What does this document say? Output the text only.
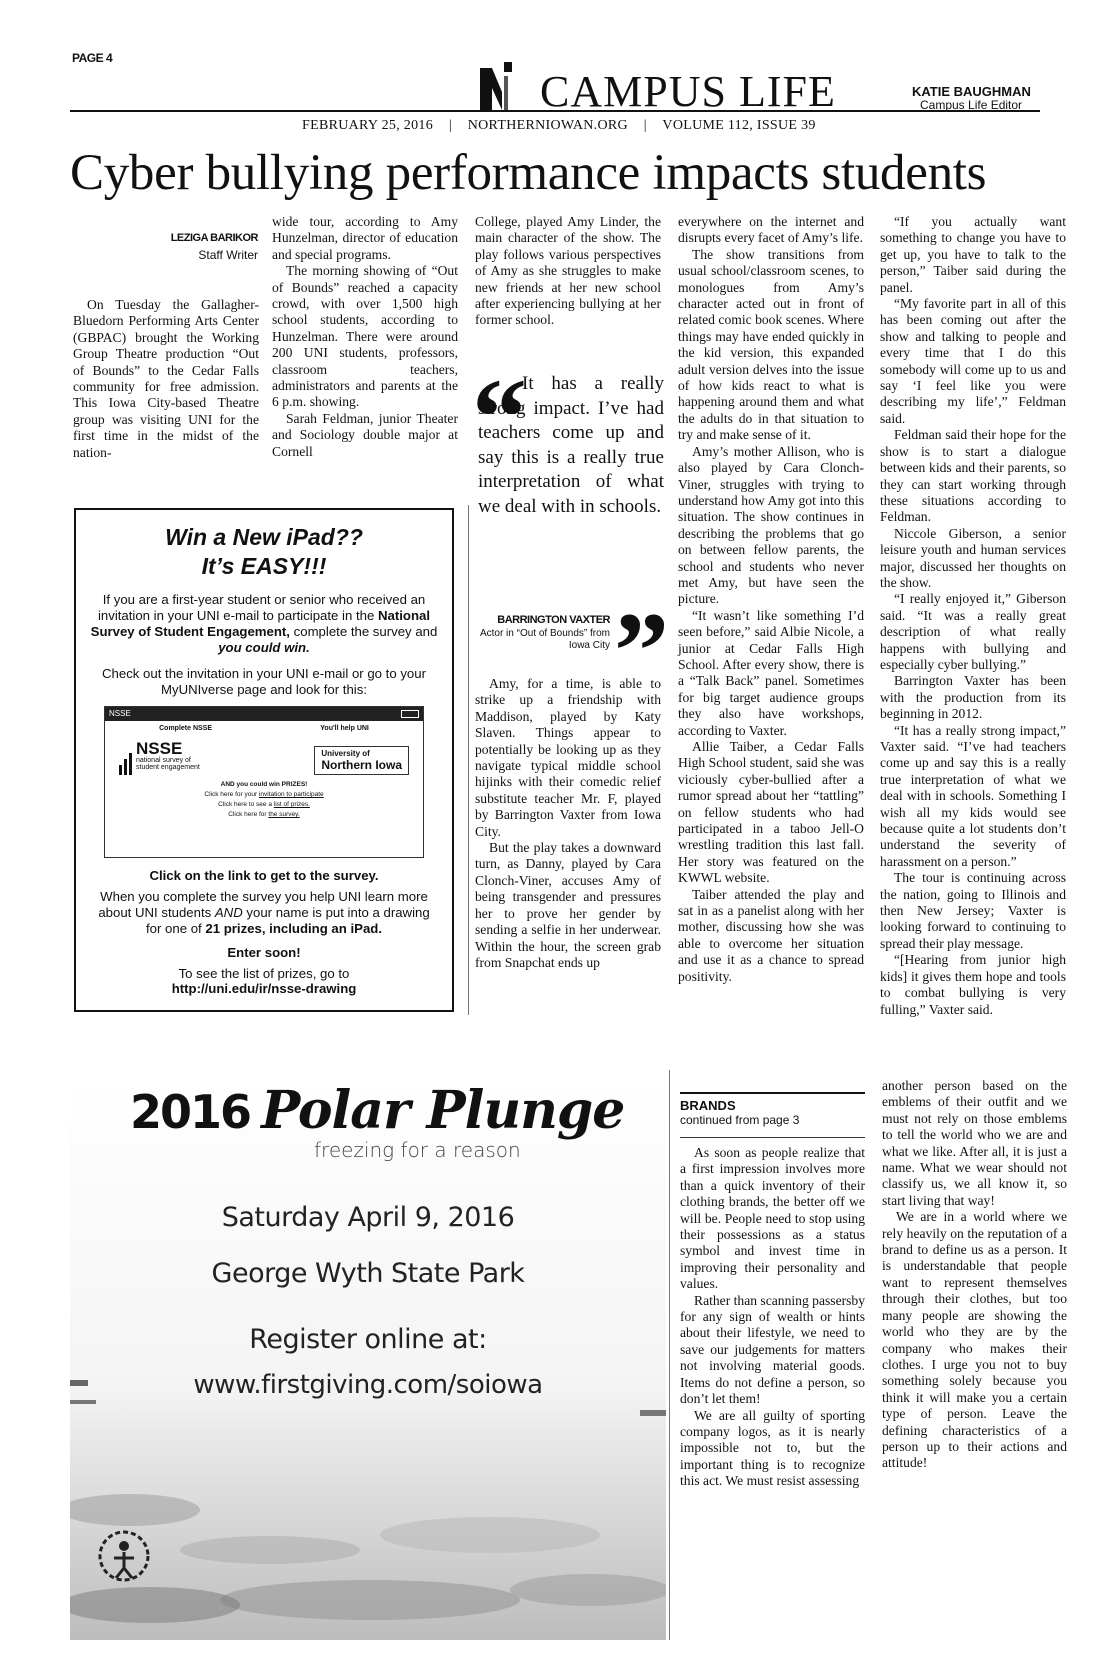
PAGE 4
CAMPUS LIFE	KATIE BAUGHMAN
Campus Life Editor
FEBRUARY 25, 2016 | NORTHERNIOWAN.ORG | VOLUME 112, ISSUE 39
Cyber bullying performance impacts students
LEZIGA BARIKOR
Staff Writer

On Tuesday the Gallagher-Bluedorn Performing Arts Center (GBPAC) brought the Working Group Theatre production “Out of Bounds” to the Cedar Falls community for free admission. This Iowa City-based Theatre group was visiting UNI for the first time in the midst of the nation-

wide tour, according to Amy Hunzelman, director of education and special programs.

The morning showing of “Out of Bounds” reached a capacity crowd, with over 1,500 high school students, according to Hunzelman. There were around 200 UNI students, professors, classroom teachers, administrators and parents at the 6 p.m. showing.

Sarah Feldman, junior Theater and Sociology double major at Cornell

College, played Amy Linder, the main character of the show. The play follows various perspectives of Amy as she struggles to make new friends at her new school after experiencing bullying at her former school.

“
It has a really strong impact. I’ve had teachers come up and say this is a really true interpretation of what we deal with in schools.
BARRINGTON VAXTER
Actor in “Out of Bounds” from Iowa City ”

Amy, for a time, is able to strike up a friendship with Maddison, played by Katy Slaven. Things appear to potentially be looking up as they navigate typical middle school hijinks with their comedic relief substitute teacher Mr. F, played by Barrington Vaxter from Iowa City.

But the play takes a downward turn, as Danny, played by Cara Clonch-Viner, accuses Amy of being transgender and pressures her to prove her gender by sending a selfie in her underwear. Within the hour, the screen grab from Snapchat ends up

everywhere on the internet and disrupts every facet of Amy’s life.

The show transitions from usual school/classroom scenes, to monologues from Amy’s character acted out in front of related comic book scenes. Where things may have ended quickly in the kid version, this expanded adult version delves into the issue of how kids react to what is happening around them and what the adults do in that situation to try and make sense of it.

Amy’s mother Allison, who is also played by Cara Clonch-Viner, struggles with trying to understand how Amy got into this situation. The show continues in describing the problems that go on between fellow parents, the school and students who never met Amy, but have seen the picture.

“It wasn’t like something I’d seen before,” said Albie Nicole, a junior at Cedar Falls High School. After every show, there is a “Talk Back” panel. Sometimes for big target audience groups they also have workshops, according to Vaxter.

Allie Taiber, a Cedar Falls High School student, said she was viciously cyber-bullied after a rumor spread about her “tattling” on fellow students who had participated in a taboo Jell-O wrestling tradition this last fall. Her story was featured on the KWWL website.

Taiber attended the play and sat in as a panelist along with her mother, discussing how she was able to overcome her situation and use it as a chance to spread positivity.

“If you actually want something to change you have to get up, you have to talk to the person,” Taiber said during the panel.

“My favorite part in all of this has been coming out after the show and talking to people and every time that I do this somebody will come up to us and say ‘I feel like you were describing my life’,” Feldman said.

Feldman said their hope for the show is to start a dialogue between kids and their parents, so they can start working through these situations according to Feldman.

Niccole Giberson, a senior leisure youth and human services major, discussed her thoughts on the show.

“I really enjoyed it,” Giberson said. “It was a really great description of what really happens with bullying and especially cyber bullying.”

Barrington Vaxter has been with the production from its beginning in 2012.

“It has a really strong impact,” Vaxter said. “I’ve had teachers come up and say this is a really true interpretation of what we deal with in schools. Something I wish all my kids would see because quite a lot students don’t understand the severity of harassment on a person.”

The tour is continuing across the nation, going to Illinois and then New Jersey; Vaxter is looking forward to continuing to spread their play message.

“[Hearing from junior high kids] it gives them hope and tools to combat bullying is very fulling,” Vaxter said.

Win a New iPad??
It’s EASY!!!
If you are a first-year student or senior who received an invitation in your UNI e-mail to participate in the National Survey of Student Engagement, complete the survey and you could win.
Check out the invitation in your UNI e-mail or go to your MyUNIverse page and look for this:
NSSE
Complete NSSE	You'll help UNI
NSSE
national survey of
student engagement
University of
Northern Iowa
AND you could win PRIZES!
Click here for your invitation to participate
Click here to see a list of prizes.
Click here for the survey.
Click on the link to get to the survey.
When you complete the survey you help UNI learn more about UNI students AND your name is put into a drawing for one of 21 prizes, including an iPad.
Enter soon!
To see the list of prizes, go to
http://uni.edu/ir/nsse-drawing
2016 Polar Plunge
freezing for a reason
Saturday April 9, 2016
George Wyth State Park
Register online at:
www.firstgiving.com/soiowa
BRANDS
continued from page 3

As soon as people realize that a first impression involves more than a quick inventory of their clothing brands, the better off we will be. People need to stop using their possessions as a status symbol and invest time in improving their personality and values.

Rather than scanning passersby for any sign of wealth or hints about their lifestyle, we need to save our judgements for matters not involving material goods. Items do not define a person, so don’t let them!

We are all guilty of sporting company logos, as it is nearly impossible not to, but the important thing is to recognize this act. We must resist assessing

another person based on the emblems of their outfit and we must not rely on those emblems to tell the world who we are and what we like. After all, it is just a name. What we wear should not classify us, we all know it, so start living that way!

We are in a world where we rely heavily on the reputation of a brand to define us as a person. It is understandable that people want to represent themselves through their clothes, but too many people are showing the world who they are by the company who makes their clothes. I urge you not to buy something solely because you think it will make you a certain type of person. Leave the defining characteristics of a person up to their actions and attitude!
